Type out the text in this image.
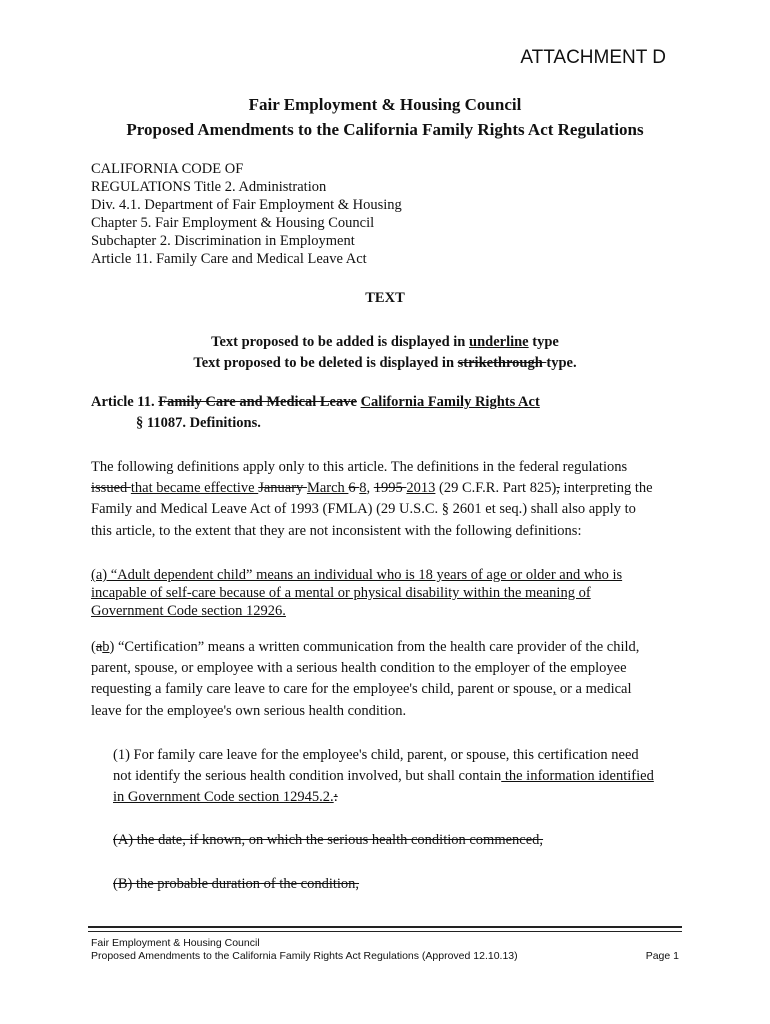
ATTACHMENT D
Fair Employment & Housing Council
Proposed Amendments to the California Family Rights Act Regulations
CALIFORNIA CODE OF
REGULATIONS Title 2. Administration
Div. 4.1. Department of Fair Employment & Housing
Chapter 5. Fair Employment & Housing Council
Subchapter 2. Discrimination in Employment
Article 11. Family Care and Medical Leave Act
TEXT
Text proposed to be added is displayed in underline type
Text proposed to be deleted is displayed in strikethrough type.
Article 11. Family Care and Medical Leave California Family Rights Act
§ 11087. Definitions.
The following definitions apply only to this article. The definitions in the federal regulations
issued that became effective January March 6 8, 1995 2013 (29 C.F.R. Part 825), interpreting the
Family and Medical Leave Act of 1993 (FMLA) (29 U.S.C. § 2601 et seq.) shall also apply to
this article, to the extent that they are not inconsistent with the following definitions:
(a) “Adult dependent child” means an individual who is 18 years of age or older and who is
incapable of self-care because of a mental or physical disability within the meaning of
Government Code section 12926.
(ab) “Certification” means a written communication from the health care provider of the child,
parent, spouse, or employee with a serious health condition to the employer of the employee
requesting a family care leave to care for the employee's child, parent or spouse, or a medical
leave for the employee's own serious health condition.
(1) For family care leave for the employee's child, parent, or spouse, this certification need
not identify the serious health condition involved, but shall contain the information identified
in Government Code section 12945.2.:
(A) the date, if known, on which the serious health condition commenced,
(B) the probable duration of the condition,
Fair Employment & Housing Council
Proposed Amendments to the California Family Rights Act Regulations (Approved 12.10.13)	Page 1
